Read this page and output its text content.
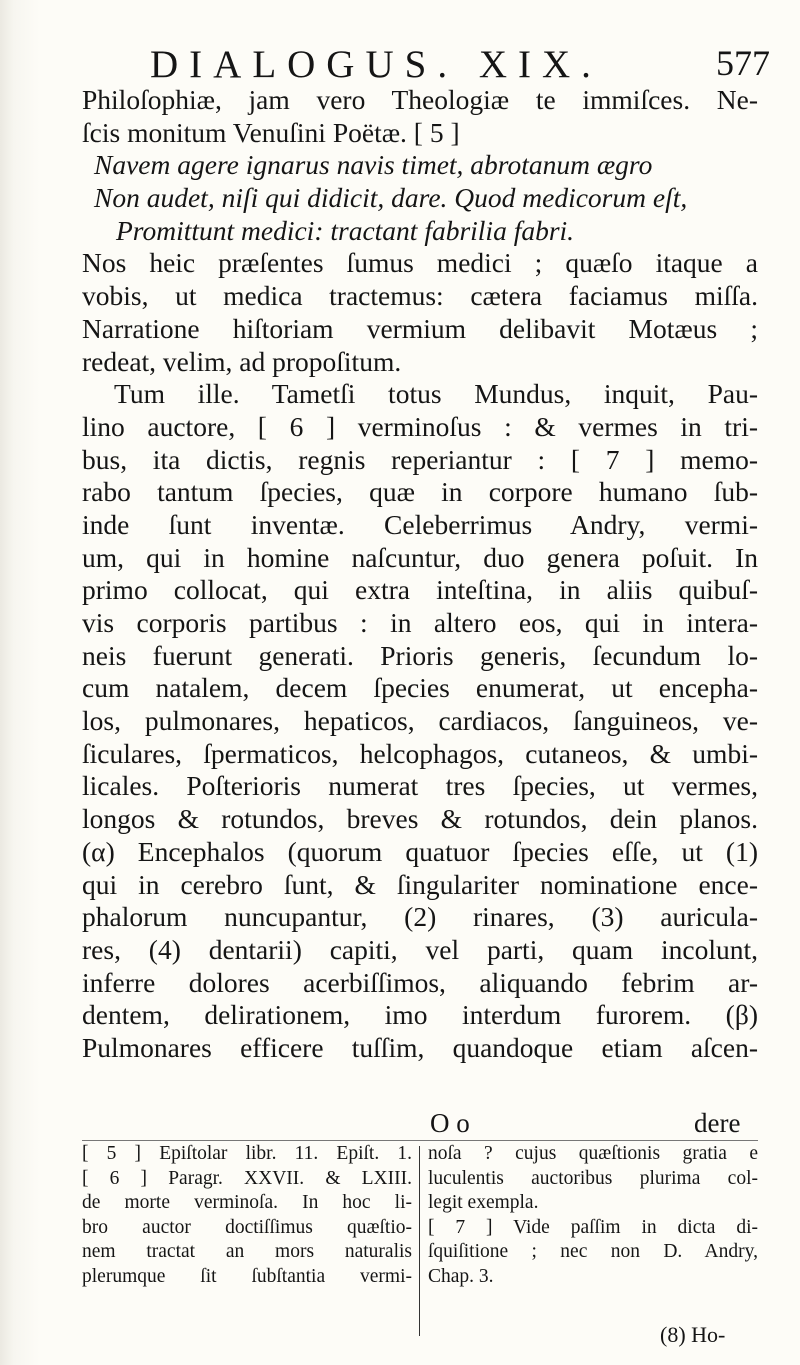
DIALOGUS. XIX.	577
Philoſophiæ, jam vero Theologiæ te immiſces. Ne-
ſcis monitum Venuſini Poëtæ. [ 5 ]
Navem agere ignarus navis timet, abrotanum ægro
Non audet, niſi qui didicit, dare. Quod medicorum eſt,
Promittunt medici: tractant fabrilia fabri.
Nos heic præſentes ſumus medici ; quæſo itaque a
vobis, ut medica tractemus: cætera faciamus miſſa.
Narratione hiſtoriam vermium delibavit Motæus ;
redeat, velim, ad propoſitum.
Tum ille. Tametſi totus Mundus, inquit, Pau-
lino auctore, [ 6 ] verminoſus : & vermes in tri-
bus, ita dictis, regnis reperiantur : [ 7 ] memo-
rabo tantum ſpecies, quæ in corpore humano ſub-
inde ſunt inventæ. Celeberrimus Andry, vermi-
um, qui in homine naſcuntur, duo genera poſuit. In
primo collocat, qui extra inteſtina, in aliis quibuſ-
vis corporis partibus : in altero eos, qui in intera-
neis fuerunt generati. Prioris generis, ſecundum lo-
cum natalem, decem ſpecies enumerat, ut encepha-
los, pulmonares, hepaticos, cardiacos, ſanguineos, ve-
ſiculares, ſpermaticos, helcophagos, cutaneos, & umbi-
licales. Poſterioris numerat tres ſpecies, ut vermes,
longos & rotundos, breves & rotundos, dein planos.
(α) Encephalos (quorum quatuor ſpecies eſſe, ut (1)
qui in cerebro ſunt, & ſingulariter nominatione ence-
phalorum nuncupantur, (2) rinares, (3) auricula-
res, (4) dentarii) capiti, vel parti, quam incolunt,
inferre dolores acerbiſſimos, aliquando febrim ar-
dentem, delirationem, imo interdum furorem. (β)
Pulmonares efficere tuſſim, quandoque etiam aſcen-
O o	dere
[ 5 ] Epiſtolar libr. 11. Epiſt. 1.
[ 6 ] Paragr. XXVII. & LXIII.
de morte verminoſa. In hoc li-
bro auctor doctiſſimus quæſtio-
nem tractat an mors naturalis
plerumque ſit ſubſtantia vermi-
noſa ? cujus quæſtionis gratia e
luculentis auctoribus plurima col-
legit exempla.
[ 7 ] Vide paſſim in dicta di-
ſquiſitione ; nec non D. Andry,
Chap. 3.
(8) Ho-
